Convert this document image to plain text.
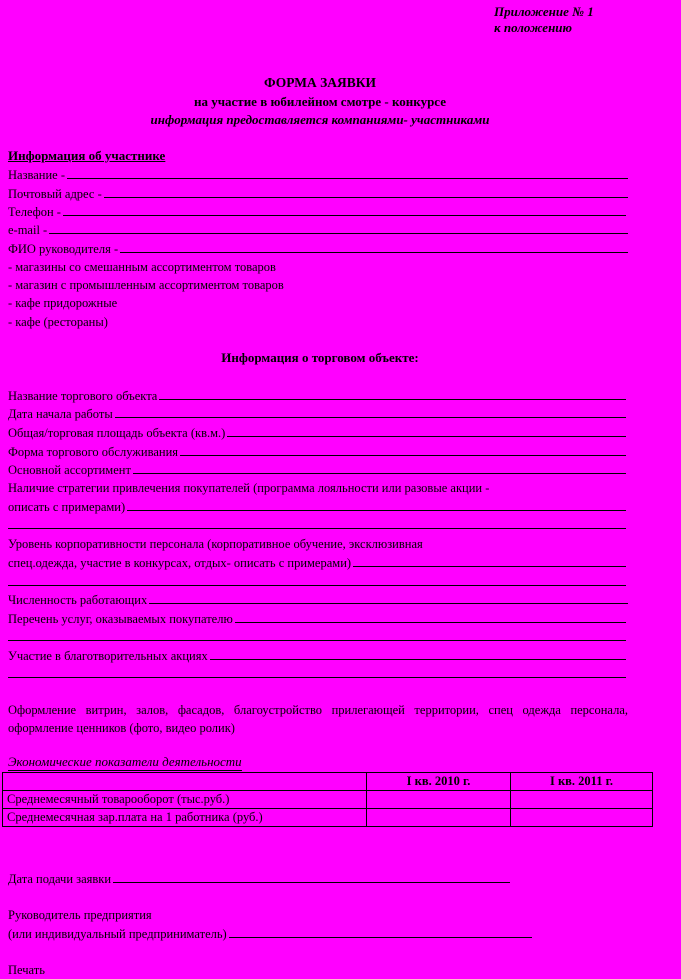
Приложение № 1
к положению
ФОРМА ЗАЯВКИ
на участие в юбилейном смотре - конкурсе
информация предоставляется компаниями- участниками
Информация об участнике
Название -
Почтовый адрес -
Телефон -
e-mail -
ФИО руководителя -
- магазины со смешанным ассортиментом товаров
- магазин с промышленным ассортиментом товаров
- кафе придорожные
- кафе (рестораны)
Информация о торговом объекте:
Название торгового объекта
Дата начала работы
Общая/торговая площадь объекта (кв.м.)
Форма торгового обслуживания
Основной ассортимент
Наличие стратегии привлечения покупателей (программа лояльности или разовые акции -
описать с примерами)
Уровень корпоративности персонала (корпоративное обучение, эксклюзивная
спец.одежда, участие в конкурсах, отдых- описать с примерами)
Численность работающих
Перечень услуг, оказываемых покупателю
Участие в благотворительных акциях
Оформление витрин, залов, фасадов, благоустройство прилегающей территории, спец одежда персонала, оформление ценников (фото, видео ролик)
Экономические показатели деятельности
	I кв. 2010 г.	I кв. 2011 г.
Среднемесячный товарооборот (тыс.руб.)		
Среднемесячная зар.плата на 1 работника (руб.)		
Дата подачи заявки
Руководитель предприятия
(или индивидуальный предприниматель)
Печать
